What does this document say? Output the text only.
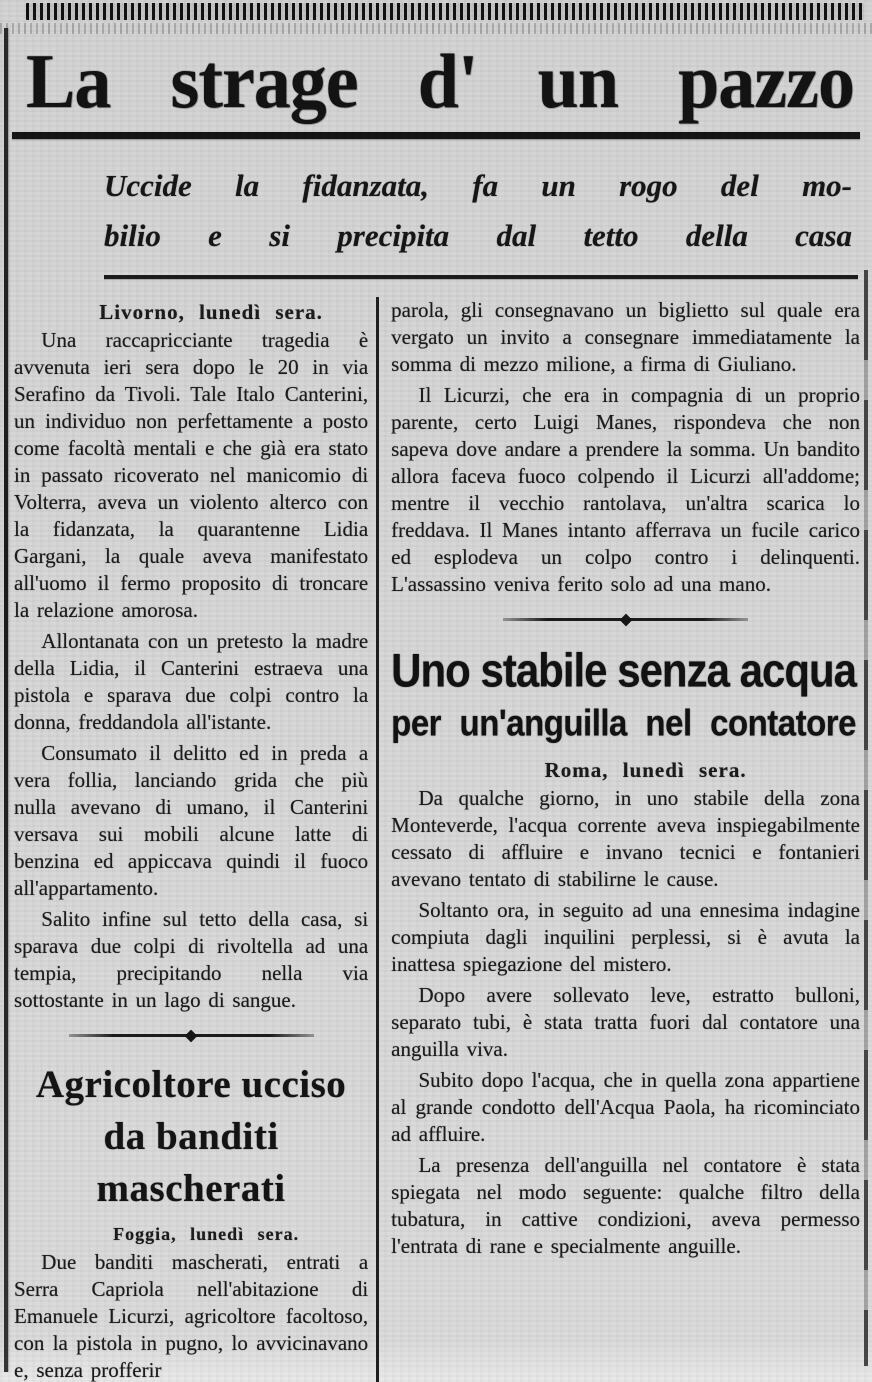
La strage d' un pazzo
Uccide la fidanzata, fa un rogo del mo-
bilio e si precipita dal tetto della casa
Livorno, lunedì sera.

Una raccapricciante tragedia è avvenuta ieri sera dopo le 20 in via Serafino da Tivoli. Tale Italo Canterini, un individuo non perfettamente a posto come facoltà mentali e che già era stato in passato ricoverato nel manicomio di Volterra, aveva un violento alterco con la fidanzata, la quarantenne Lidia Gargani, la quale aveva manifestato all'uomo il fermo proposito di troncare la relazione amorosa.

Allontanata con un pretesto la madre della Lidia, il Canterini estraeva una pistola e sparava due colpi contro la donna, freddandola all'istante.

Consumato il delitto ed in preda a vera follia, lanciando grida che più nulla avevano di umano, il Canterini versava sui mobili alcune latte di benzina ed appiccava quindi il fuoco all'appartamento.

Salito infine sul tetto della casa, si sparava due colpi di rivoltella ad una tempia, precipitando nella via sottostante in un lago di sangue.

Agricoltore ucciso
da banditi mascherati
Foggia, lunedì sera.

Due banditi mascherati, entrati a Serra Capriola nell'abitazione di Emanuele Licurzi, agricoltore facoltoso, con la pistola in pugno, lo avvicinavano e, senza profferir

parola, gli consegnavano un biglietto sul quale era vergato un invito a consegnare immediatamente la somma di mezzo milione, a firma di Giuliano.

Il Licurzi, che era in compagnia di un proprio parente, certo Luigi Manes, rispondeva che non sapeva dove andare a prendere la somma. Un bandito allora faceva fuoco colpendo il Licurzi all'addome; mentre il vecchio rantolava, un'altra scarica lo freddava. Il Manes intanto afferrava un fucile carico ed esplodeva un colpo contro i delinquenti. L'assassino veniva ferito solo ad una mano.

Uno stabile senza acqua
per un'anguilla nel contatore
Roma, lunedì sera.

Da qualche giorno, in uno stabile della zona Monteverde, l'acqua corrente aveva inspiegabilmente cessato di affluire e invano tecnici e fontanieri avevano tentato di stabilirne le cause.

Soltanto ora, in seguito ad una ennesima indagine compiuta dagli inquilini perplessi, si è avuta la inattesa spiegazione del mistero.

Dopo avere sollevato leve, estratto bulloni, separato tubi, è stata tratta fuori dal contatore una anguilla viva.

Subito dopo l'acqua, che in quella zona appartiene al grande condotto dell'Acqua Paola, ha ricominciato ad affluire.

La presenza dell'anguilla nel contatore è stata spiegata nel modo seguente: qualche filtro della tubatura, in cattive condizioni, aveva permesso l'entrata di rane e specialmente anguille.
